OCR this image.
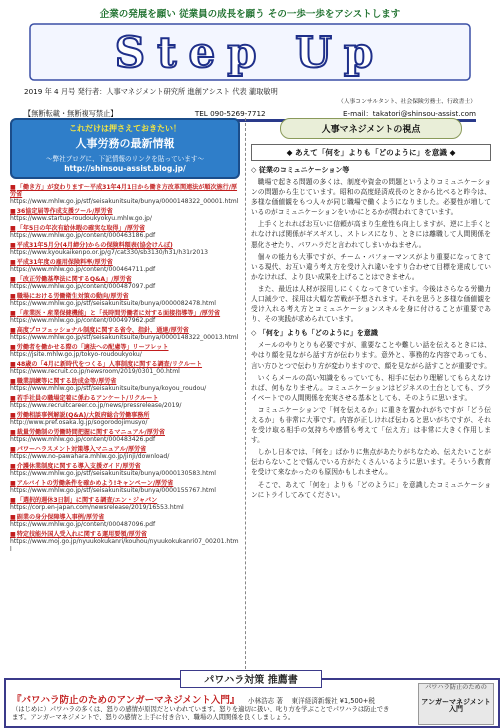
企業の発展を願い 従業員の成長を願う その一歩一歩をアシストします
Step Up
2019 年 4 月号 発行者：人事マネジメント研究所 進創アシスト 代表 瀧取敏明
（人事コンサルタント、社会保険労務士、行政書士）
【無断転載・無断複写禁止】	TEL 090-5269-7712	E-mail：takatori@shinsou-assist.com
これだけは押さえておきたい！
人事労務の最新情報
～弊社ブログに、下記情報のリンクを貼っています～
http://shinsou-assist.blog.jp/
■ 「働き方」が変わります～平成31年4月1日から働き方改革関連法が順次施行/厚労省
https://www.mhlw.go.jp/stf/seisakunitsuite/bunya/0000148322_00001.html
■ 36協定届等作成支援ツール/厚労省
https://www.startup-roudoukyokyu.mhlw.go.jp/
■ 「年5日の年次有給休暇の確実な取得」/厚労省
https://www.mhlw.go.jp/content/000463186.pdf
■ 平成31年5月分(4月締分)からの保険料額表(協会けんぽ)
https://www.kyoukaikenpo.or.jp/g7/cat330/sb3130/h31/h31r2013
■ 平成31年度の雇用保険料率/厚労省
https://www.mhlw.go.jp/content/000464711.pdf
■ 「改正労働基準法に関するQ&A」/厚労省
https://www.mhlw.go.jp/content/000487097.pdf
■ 職場における労働衛生対策の動向/厚労省
https://www.mhlw.go.jp/stf/seisakunitsuite/bunya/0000082478.html
■ 「産業医・産業保健機能」と「長時間労働者に対する面接指導等」/厚労省
https://www.mhlw.go.jp/content/000497962.pdf
■ 高度プロフェッショナル制度に関する省令、指針、通達/厚労省
https://www.mhlw.go.jp/stf/seisakunitsuite/bunya/0000148322_00013.html
■ 労働者を働かせる際の「適法への配慮等」リーフレット
https://jsite.mhlw.go.jp/tokyo-roudoukyoku/
■ 48歳の「4月に新時代をつくる」人事制度に関する調査/リクルート
https://www.recruit.co.jp/newsroom/2019/0301_00.html
■ 職業訓練等に関する助成金等/厚労省
https://www.mhlw.go.jp/stf/seisakunitsuite/bunya/koyou_roudou/
■ 若手社員の職場定着に係わるアンケート/リクルート
https://www.recruitcareer.co.jp/news/pressrelease/2019/
■ 労働相談事例解説(Q&A)/大阪府総合労働事務所
http://www.pref.osaka.lg.jp/sogorodojimusyo/
■ 裁量労働制の労働時間把握に関するマニュアル/厚労省
https://www.mhlw.go.jp/content/000483426.pdf
■ パワーハラスメント対策導入マニュアル/厚労省
https://www.no-pawahara.mhlw.go.jp/jinji/download/
■ 介護休業制度に関する導入支援ガイド/厚労省
https://www.mhlw.go.jp/stf/seisakunitsuite/bunya/0000130583.html
■ アルバイトの労働条件を確かめよう!キャンペーン/厚労省
https://www.mhlw.go.jp/stf/seisakunitsuite/bunya/0000155767.html
■ 「選択的週休3日制」に関する調査/エン・ジャパン
https://corp.en-japan.com/newsrelease/2019/16553.html
■ 副業の身分保障導入事例/厚労省
https://www.mhlw.go.jp/content/000487096.pdf
■ 特定技能外国人受入れに関する運用要領/厚労省
https://www.moj.go.jp/nyuukokukanri/kouhou/nyuukokukanri07_00201.html
人事マネジメントの視点
◆ あえて「何を」よりも「どのように」を意識 ◆
◇ 従業のコミュニケーション等

職場で起きる問題の多くは、制度や資金の問題というよりコミュニケーションの問題から生じています。昭和の高度経済成長のときから比べると昨今は、多様な価値観をもつ人々が同じ職場で働くようになりました。必要性が増しているのがコミュニケーションをいかにとるかが問われてきています。

上手くとれればお互いに信頼が高まり生産性も向上しますが、逆に上手くとれなければ関係がギスギスし、ストレスになり、ときには離職して人間関係を悪化させたり、パワハラだと言われてしまいかねません。

個々の能力も大事ですが、チーム・パフォーマンスがより重要になってきている現代、お互い違う考え方を受け入れ違いをすり合わせて目標を達成していかなければ、より良い成果を上げることはできません。

また、最近は人材が採用しにくくなってきています。今後はさらなる労働力人口減少で、採用は大幅な苦戦が予想されます。それを思うと多様な価値観を受け入れる考え方とコミュニケーションスキルを身に付けることが重要であり、その実践が求められています。

◇ 「何を」よりも「どのように」を意識

メールのやりとりも必要ですが、重要なことや難しい話を伝えるときには、やはり顔を見ながら話す方が伝わります。意外と、事務的な内容であっても、言い方ひとつで伝わり方が変わりますので、顔を見ながら話すことが重要です。

いくらメールの高い知識をもっていても、相手に伝わり理解してもらえなければ、何もなりません。コミュニケーションはビジネスの土台としても、プライベートでの人間関係を充実させる基本としても、そのように思います。

コミュニケーションで「何を伝えるか」に重きを置かれがちですが「どう伝えるか」も非常に大事です。内容が正しければ伝わると思いがちですが、それを受け取る相手の気持ちや感情も考えて「伝え方」は非常に大きく作用します。

しかし日本では、「何を」ばかりに焦点があたりがちなため、伝えたいことが伝わらないことで悩んでいる方がたくさんいるように思います。そういう教育を受けて来なかったのも原因かもしれません。

そこで、あえて「何を」よりも「どのように」を意識したコミュニケーションにトライしてみてください。

パワハラ対策 推薦書
『パワハラ防止のためのアンガーマネジメント入門』 小林浩志 著 東洋経済新報社 ¥1,500+税
（はじめに）パワハラの多くは、怒りの感情が原因だといわれています。怒りを適切に扱い、叱り方を学ぶことでパワハラは防止できます。アンガーマネジメントで、怒りの感情と上手に付き合い、職場の人間関係を良くしましょう。
パワハラ防止のための
アンガーマネジメント入門
